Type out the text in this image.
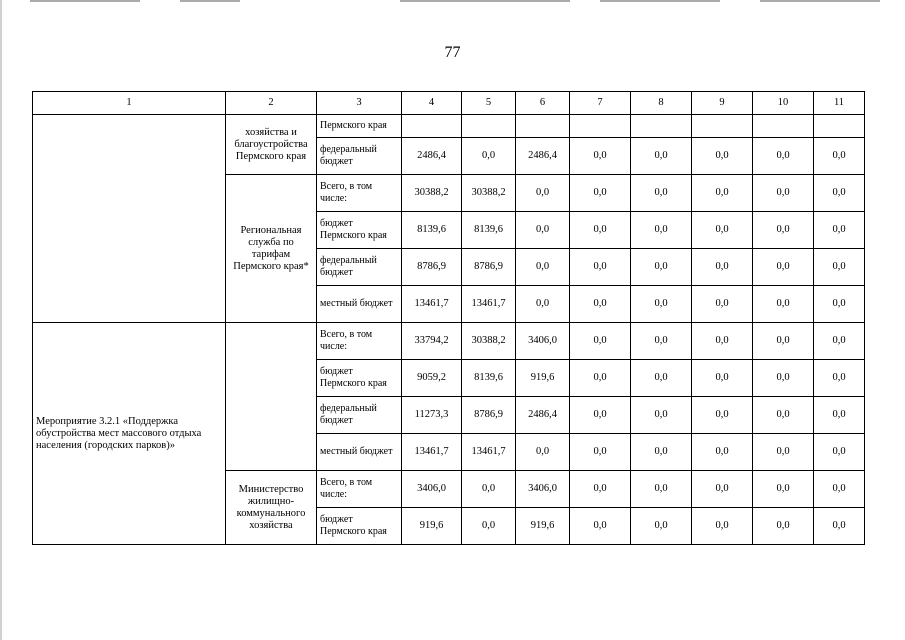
77
1	2	3	4	5	6	7	8	9	10	11
	хозяйства и благоустройства Пермского края	Пермского края								
		федеральный бюджет	2486,4	0,0	2486,4	0,0	0,0	0,0	0,0	0,0
	Региональная служба по тарифам Пермского края*	Всего, в том числе:	30388,2	30388,2	0,0	0,0	0,0	0,0	0,0	0,0
		бюджет Пермского края	8139,6	8139,6	0,0	0,0	0,0	0,0	0,0	0,0
		федеральный бюджет	8786,9	8786,9	0,0	0,0	0,0	0,0	0,0	0,0
		местный бюджет	13461,7	13461,7	0,0	0,0	0,0	0,0	0,0	0,0
Мероприятие 3.2.1 «Поддержка обустройства мест массового отдыха населения (городских парков)»		Всего, в том числе:	33794,2	30388,2	3406,0	0,0	0,0	0,0	0,0	0,0
		бюджет Пермского края	9059,2	8139,6	919,6	0,0	0,0	0,0	0,0	0,0
		федеральный бюджет	11273,3	8786,9	2486,4	0,0	0,0	0,0	0,0	0,0
		местный бюджет	13461,7	13461,7	0,0	0,0	0,0	0,0	0,0	0,0
	Министерство жилищно-коммунального хозяйства	Всего, в том числе:	3406,0	0,0	3406,0	0,0	0,0	0,0	0,0	0,0
		бюджет Пермского края	919,6	0,0	919,6	0,0	0,0	0,0	0,0	0,0
